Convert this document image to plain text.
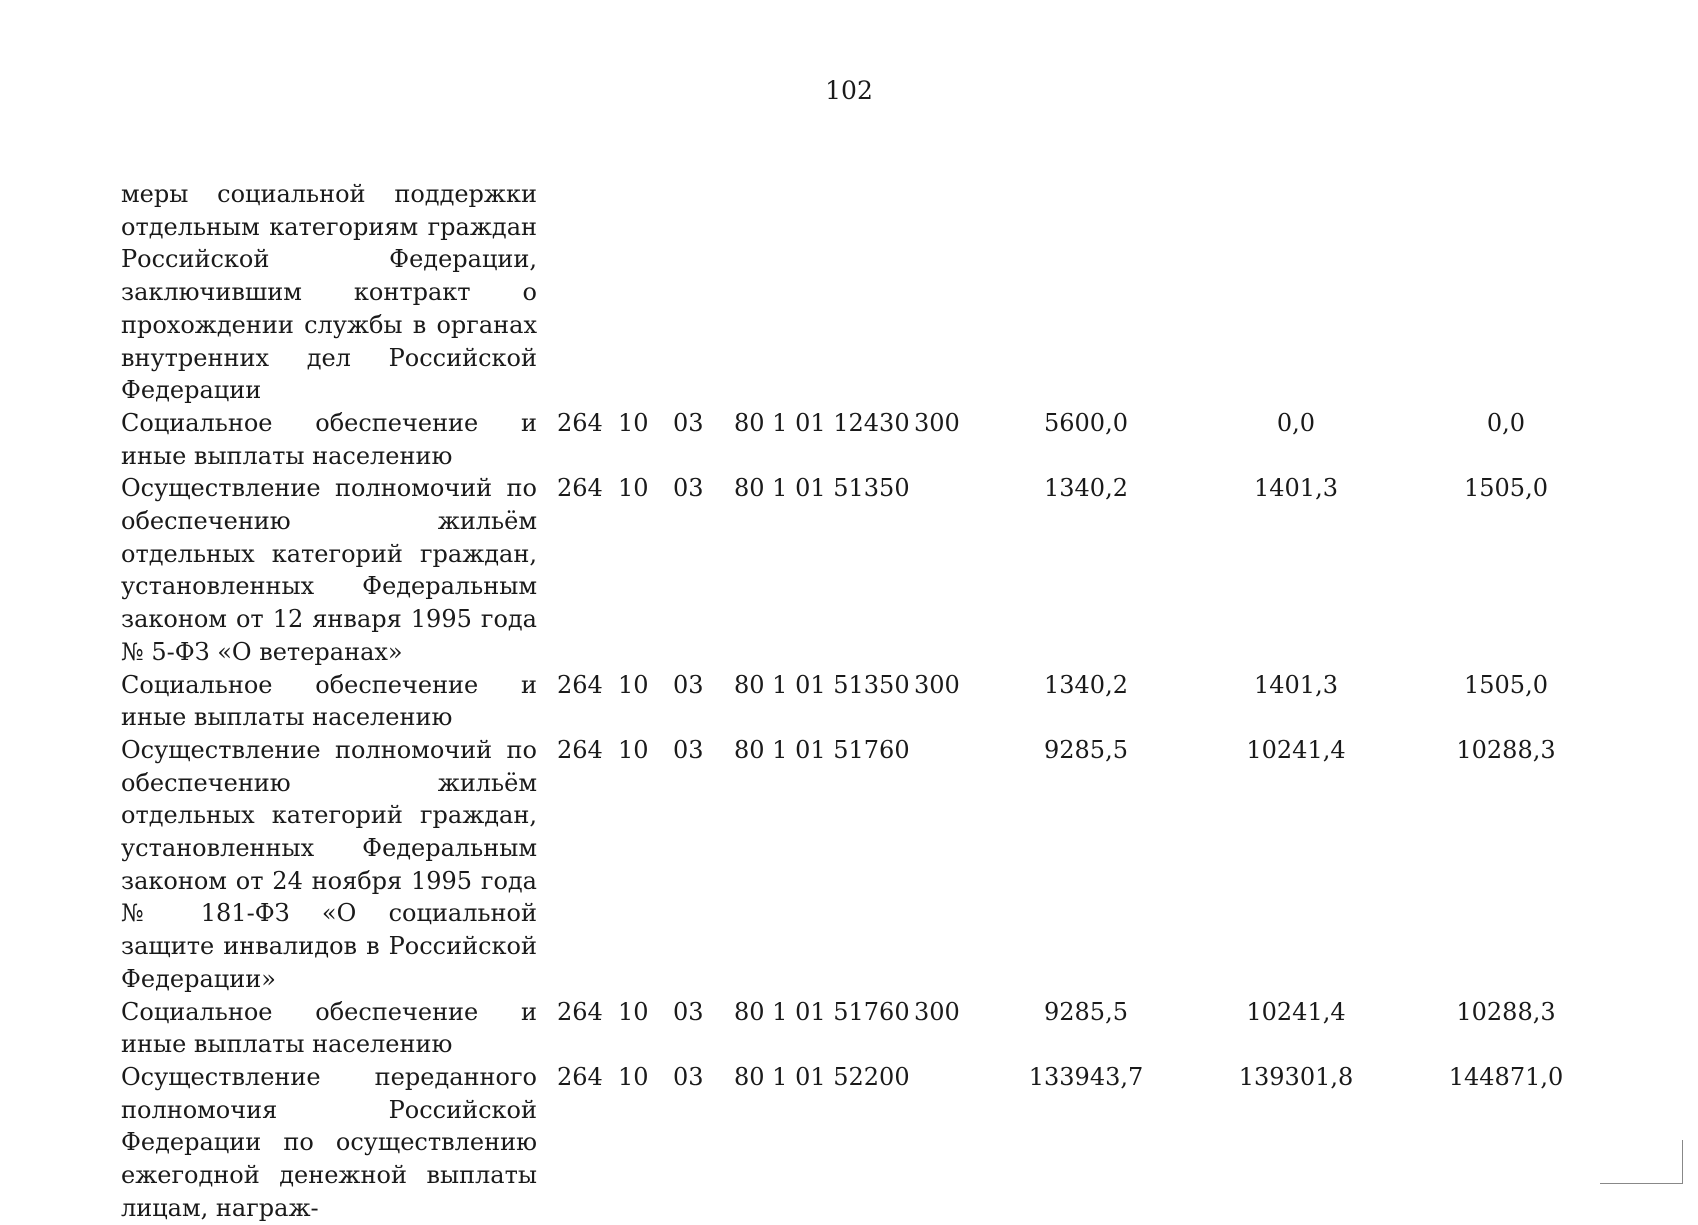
102
меры социальной поддержки отдельным категориям граждан Российской Федерации, заключившим контракт о прохождении службы в органах внутренних дел Российской Федерации
Социальное обеспечение и иные выплаты населению
264 10 03 80 1 01 12430 300	5600,0	0,0	0,0
Осуществление полномочий по обеспечению жильём отдельных категорий граждан, установленных Федеральным законом от 12 января 1995 года № 5-ФЗ «О ветеранах»
264 10 03 80 1 01 51350	1340,2	1401,3	1505,0
Социальное обеспечение и иные выплаты населению
264 10 03 80 1 01 51350 300	1340,2	1401,3	1505,0
Осуществление полномочий по обеспечению жильём отдельных категорий граждан, установленных Федеральным законом от 24 ноября 1995 года № 181-ФЗ «О социальной защите инвалидов в Российской Федерации»
264 10 03 80 1 01 51760	9285,5	10241,4	10288,3
Социальное обеспечение и иные выплаты населению
264 10 03 80 1 01 51760 300	9285,5	10241,4	10288,3
Осуществление переданного полномочия Российской Федерации по осуществлению ежегодной денежной выплаты лицам, награж-
264 10 03 80 1 01 52200	133943,7	139301,8	144871,0
